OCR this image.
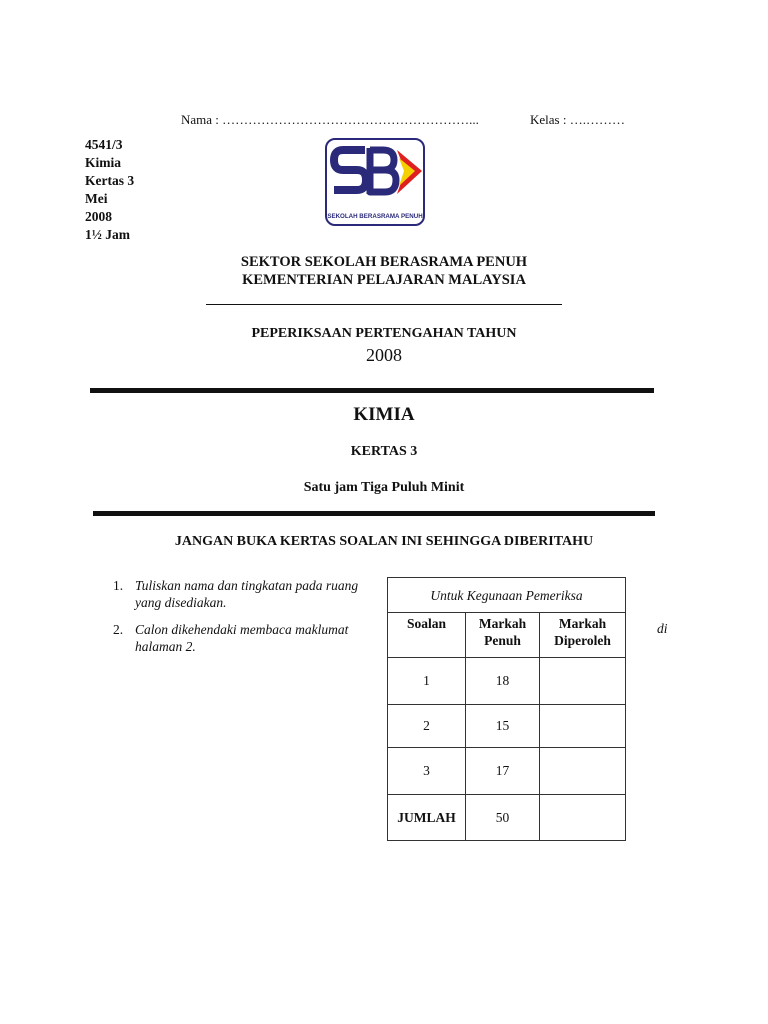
Nama : …………………………………………………...	Kelas : ….………
4541/3
Kimia
Kertas 3
Mei
2008
1½ Jam
SEKOLAH BERASRAMA PENUH
SEKTOR SEKOLAH BERASRAMA PENUH
KEMENTERIAN PELAJARAN MALAYSIA
PEPERIKSAAN PERTENGAHAN TAHUN
2008
KIMIA
KERTAS 3
Satu jam Tiga Puluh Minit
JANGAN BUKA KERTAS SOALAN INI SEHINGGA DIBERITAHU
1. Tuliskan nama dan tingkatan pada ruang yang disediakan.
2. Calon dikehendaki membaca maklumat halaman 2.
di
Untuk Kegunaan Pemeriksa		
Soalan	Markah Penuh	Markah Diperoleh
1	18	
2	15	
3	17	
JUMLAH	50	
